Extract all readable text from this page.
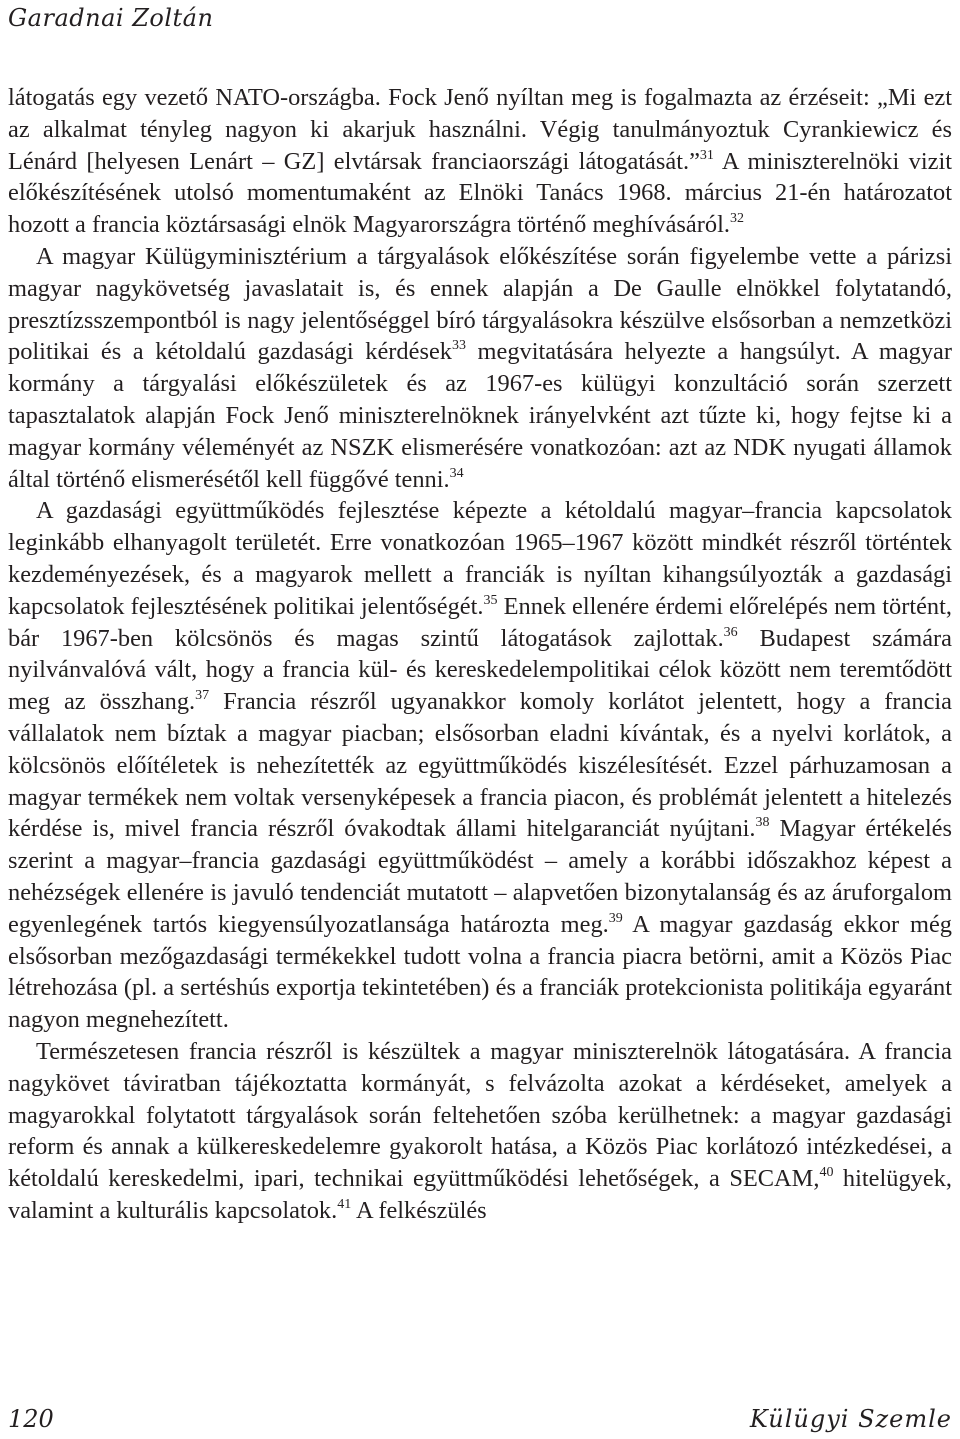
Garadnai Zoltán

látogatás egy vezető NATO-országba. Fock Jenő nyíltan meg is fogalmazta az érzéseit: „Mi ezt az alkalmat tényleg nagyon ki akarjuk használni. Végig tanulmányoztuk Cyrankiewicz és Lénárd [helyesen Lenárt – GZ] elvtársak franciaországi látogatását.”$^{31}$ A miniszterelnöki vizit előkészítésének utolsó momentumaként az Elnöki Tanács 1968. március 21-én határozatot hozott a francia köztársasági elnök Magyarországra történő meghívásáról.$^{32}$

A magyar Külügyminisztérium a tárgyalások előkészítése során figyelembe vette a párizsi magyar nagykövetség javaslatait is, és ennek alapján a De Gaulle elnökkel folytatandó, presztízsszempontból is nagy jelentőséggel bíró tárgyalásokra készülve elsősorban a nemzetközi politikai és a kétoldalú gazdasági kérdések$^{33}$ megvitatására helyezte a hangsúlyt. A magyar kormány a tárgyalási előkészületek és az 1967-es külügyi konzultáció során szerzett tapasztalatok alapján Fock Jenő miniszterelnöknek irányelvként azt tűzte ki, hogy fejtse ki a magyar kormány véleményét az NSZK elismerésére vonatkozóan: azt az NDK nyugati államok által történő elismerésétől kell függővé tenni.$^{34}$

A gazdasági együttműködés fejlesztése képezte a kétoldalú magyar–francia kapcsolatok leginkább elhanyagolt területét. Erre vonatkozóan 1965–1967 között mindkét részről történtek kezdeményezések, és a magyarok mellett a franciák is nyíltan kihangsúlyozták a gazdasági kapcsolatok fejlesztésének politikai jelentőségét.$^{35}$ Ennek ellenére érdemi előrelépés nem történt, bár 1967-ben kölcsönös és magas szintű látogatások zajlottak.$^{36}$ Budapest számára nyilvánvalóvá vált, hogy a francia kül- és kereskedelempolitikai célok között nem teremtődött meg az összhang.$^{37}$ Francia részről ugyanakkor komoly korlátot jelentett, hogy a francia vállalatok nem bíztak a magyar piacban; elsősorban eladni kívántak, és a nyelvi korlátok, a kölcsönös előítéletek is nehezítették az együttműködés kiszélesítését. Ezzel párhuzamosan a magyar termékek nem voltak versenyképesek a francia piacon, és problémát jelentett a hitelezés kérdése is, mivel francia részről óvakodtak állami hitelgaranciát nyújtani.$^{38}$ Magyar értékelés szerint a magyar–francia gazdasági együttműködést – amely a korábbi időszakhoz képest a nehézségek ellenére is javuló tendenciát mutatott – alapvetően bizonytalanság és az áruforgalom egyenlegének tartós kiegyensúlyozatlansága határozta meg.$^{39}$ A magyar gazdaság ekkor még elsősorban mezőgazdasági termékekkel tudott volna a francia piacra betörni, amit a Közös Piac létrehozása (pl. a sertéshús exportja tekintetében) és a franciák protekcionista politikája egyaránt nagyon megnehezített.

Természetesen francia részről is készültek a magyar miniszterelnök látogatására. A francia nagykövet táviratban tájékoztatta kormányát, s felvázolta azokat a kérdéseket, amelyek a magyarokkal folytatott tárgyalások során feltehetően szóba kerülhetnek: a magyar gazdasági reform és annak a külkereskedelemre gyakorolt hatása, a Közös Piac korlátozó intézkedései, a kétoldalú kereskedelmi, ipari, technikai együttműködési lehetőségek, a SECAM,$^{40}$ hitelügyek, valamint a kulturális kapcsolatok.$^{41}$ A felkészülés

120	Külügyi Szemle
